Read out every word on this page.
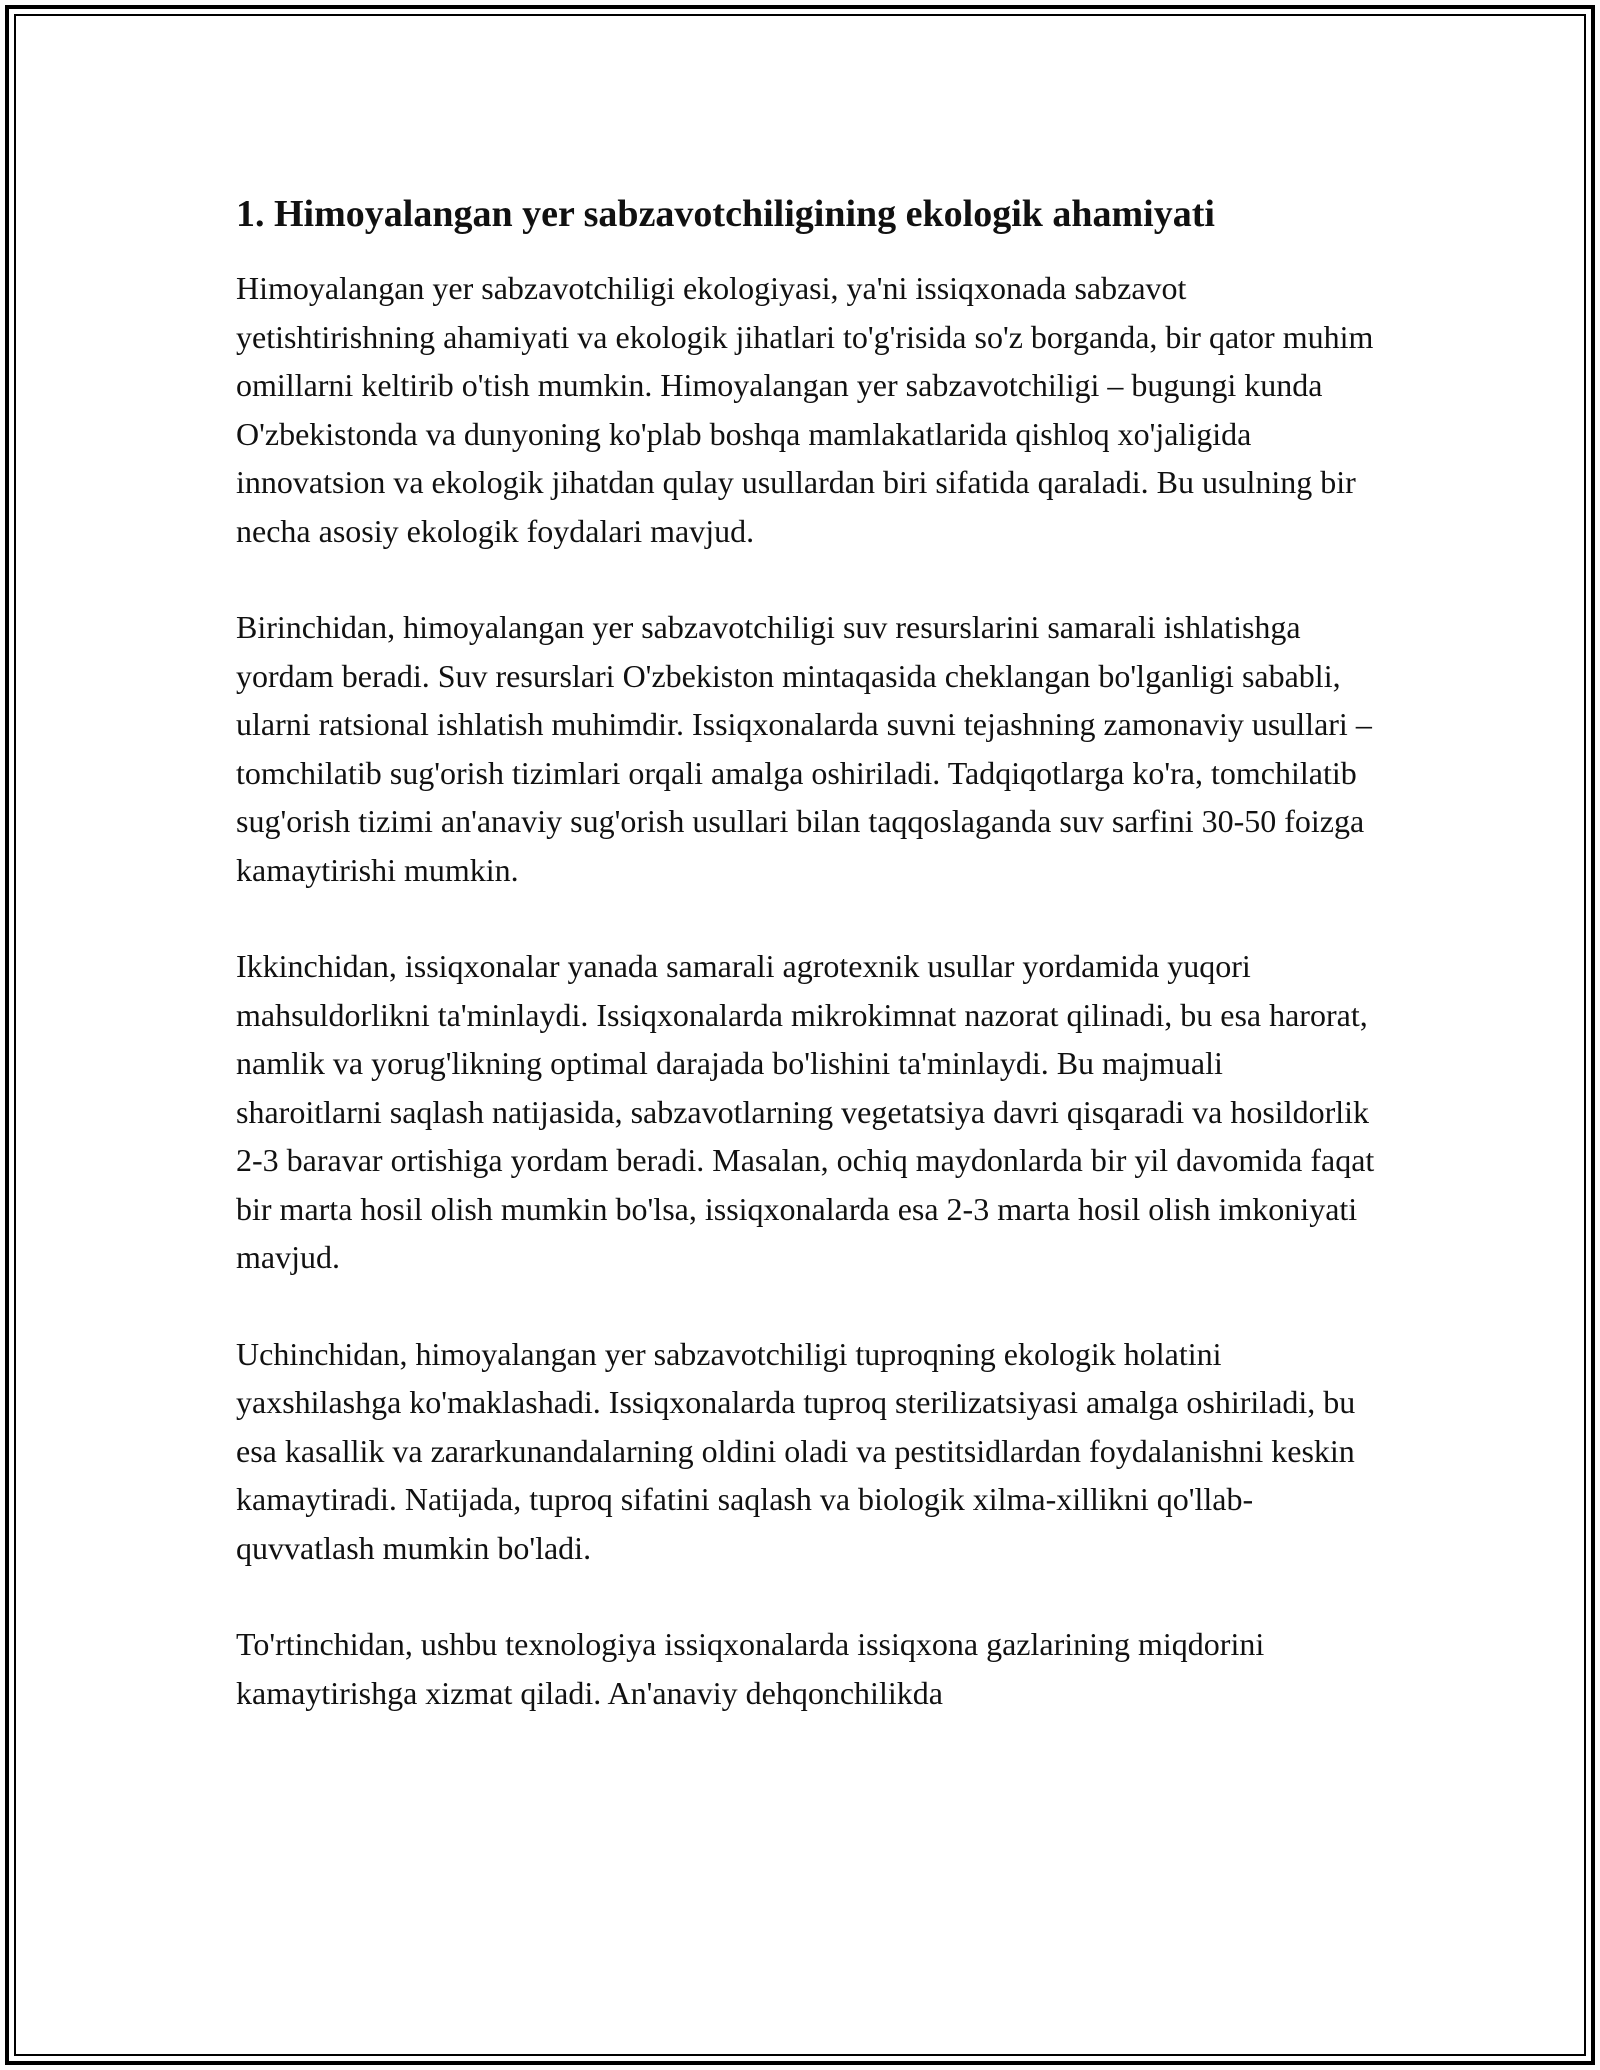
1. Himoyalangan yer sabzavotchiligining ekologik ahamiyati

Himoyalangan yer sabzavotchiligi ekologiyasi, ya'ni issiqxonada sabzavot yetishtirishning ahamiyati va ekologik jihatlari to'g'risida so'z borganda, bir qator muhim omillarni keltirib o'tish mumkin. Himoyalangan yer sabzavotchiligi – bugungi kunda O'zbekistonda va dunyoning ko'plab boshqa mamlakatlarida qishloq xo'jaligida innovatsion va ekologik jihatdan qulay usullardan biri sifatida qaraladi. Bu usulning bir necha asosiy ekologik foydalari mavjud.

Birinchidan, himoyalangan yer sabzavotchiligi suv resurslarini samarali ishlatishga yordam beradi. Suv resurslari O'zbekiston mintaqasida cheklangan bo'lganligi sababli, ularni ratsional ishlatish muhimdir. Issiqxonalarda suvni tejashning zamonaviy usullari – tomchilatib sug'orish tizimlari orqali amalga oshiriladi. Tadqiqotlarga ko'ra, tomchilatib sug'orish tizimi an'anaviy sug'orish usullari bilan taqqoslaganda suv sarfini 30-50 foizga kamaytirishi mumkin.

Ikkinchidan, issiqxonalar yanada samarali agrotexnik usullar yordamida yuqori mahsuldorlikni ta'minlaydi. Issiqxonalarda mikrokimnat nazorat qilinadi, bu esa harorat, namlik va yorug'likning optimal darajada bo'lishini ta'minlaydi. Bu majmuali sharoitlarni saqlash natijasida, sabzavotlarning vegetatsiya davri qisqaradi va hosildorlik 2-3 baravar ortishiga yordam beradi. Masalan, ochiq maydonlarda bir yil davomida faqat bir marta hosil olish mumkin bo'lsa, issiqxonalarda esa 2-3 marta hosil olish imkoniyati mavjud.

Uchinchidan, himoyalangan yer sabzavotchiligi tuproqning ekologik holatini yaxshilashga ko'maklashadi. Issiqxonalarda tuproq sterilizatsiyasi amalga oshiriladi, bu esa kasallik va zararkunandalarning oldini oladi va pestitsidlardan foydalanishni keskin kamaytiradi. Natijada, tuproq sifatini saqlash va biologik xilma-xillikni qo'llab-quvvatlash mumkin bo'ladi.

To'rtinchidan, ushbu texnologiya issiqxonalarda issiqxona gazlarining miqdorini kamaytirishga xizmat qiladi. An'anaviy dehqonchilikda
